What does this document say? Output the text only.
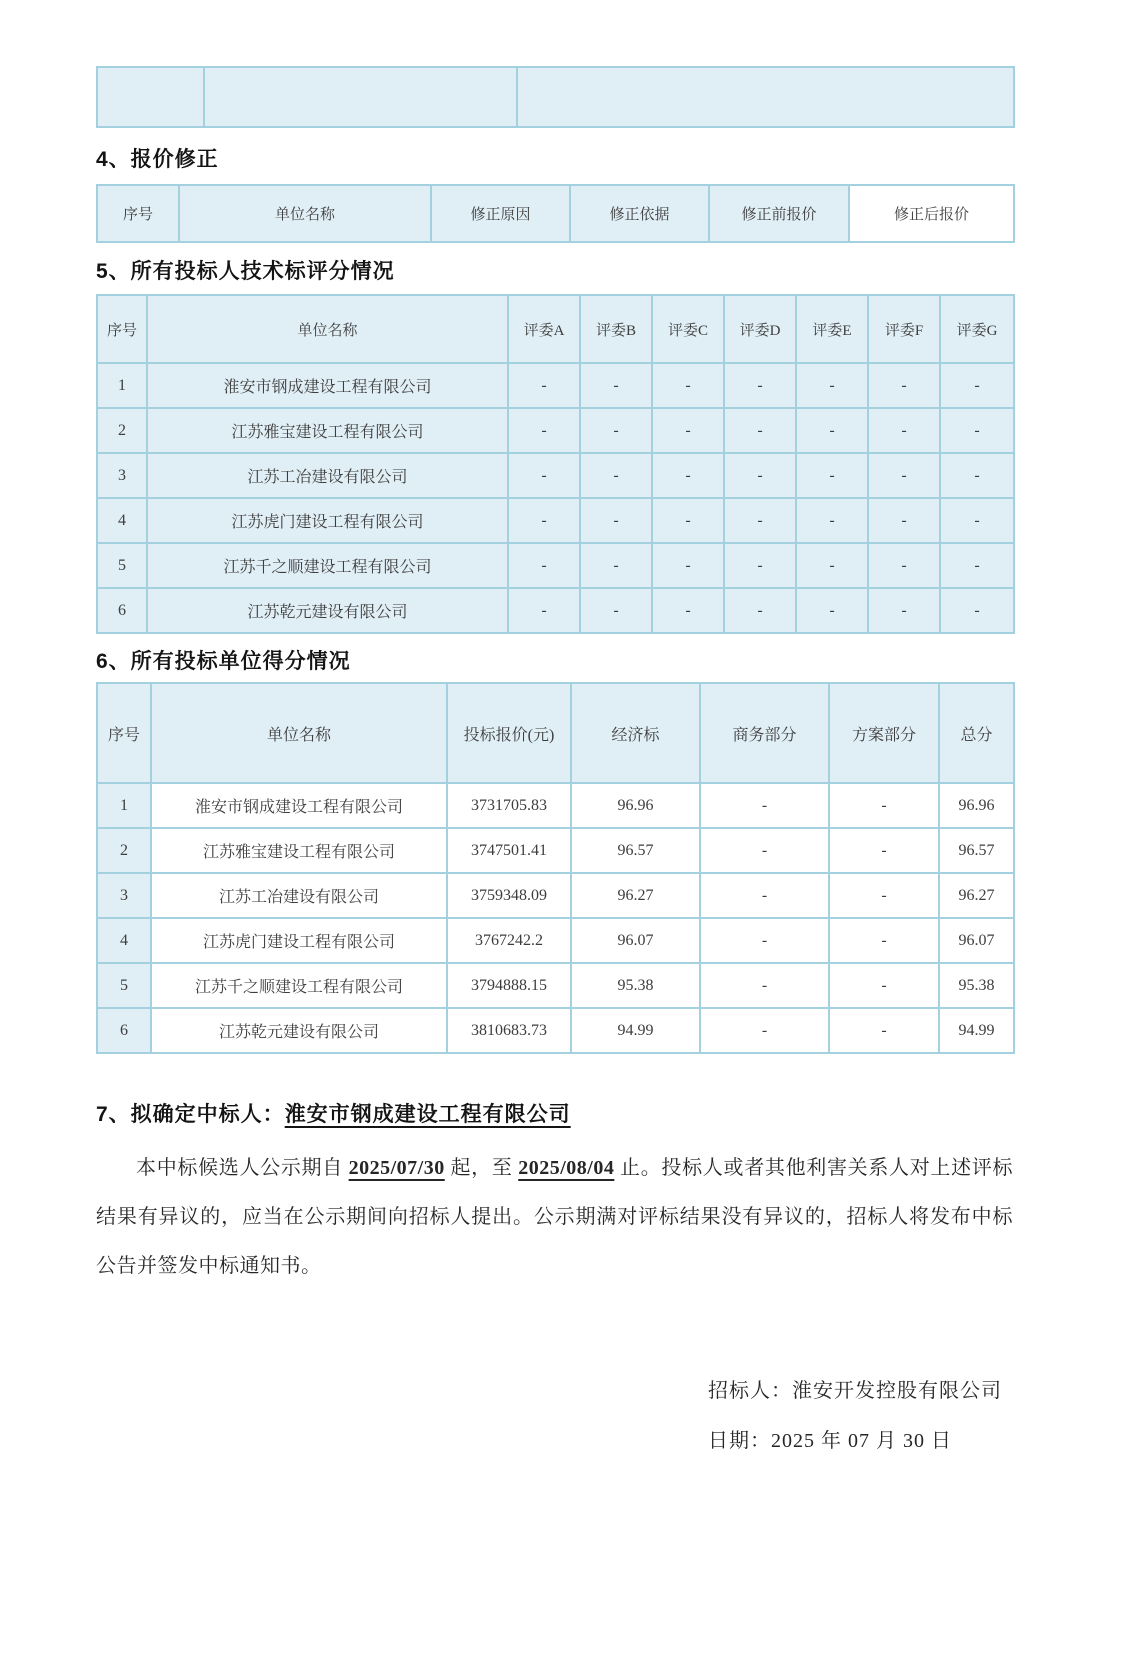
4、报价修正
序号	单位名称	修正原因	修正依据	修正前报价	修正后报价
5、所有投标人技术标评分情况
序号	单位名称	评委A	评委B	评委C	评委D	评委E	评委F	评委G
1	淮安市钢成建设工程有限公司	-	-	-	-	-	-	-
2	江苏雅宝建设工程有限公司	-	-	-	-	-	-	-
3	江苏工冶建设有限公司	-	-	-	-	-	-	-
4	江苏虎门建设工程有限公司	-	-	-	-	-	-	-
5	江苏千之顺建设工程有限公司	-	-	-	-	-	-	-
6	江苏乾元建设有限公司	-	-	-	-	-	-	-
6、所有投标单位得分情况
序号	单位名称	投标报价(元)	经济标	商务部分	方案部分	总分
1	淮安市钢成建设工程有限公司	3731705.83	96.96	-	-	96.96
2	江苏雅宝建设工程有限公司	3747501.41	96.57	-	-	96.57
3	江苏工冶建设有限公司	3759348.09	96.27	-	-	96.27
4	江苏虎门建设工程有限公司	3767242.2	96.07	-	-	96.07
5	江苏千之顺建设工程有限公司	3794888.15	95.38	-	-	95.38
6	江苏乾元建设有限公司	3810683.73	94.99	-	-	94.99
7、拟确定中标人：淮安市钢成建设工程有限公司

本中标候选人公示期自 2025/07/30 起，至 2025/08/04 止。投标人或者其他利害关系人对上述评标结果有异议的，应当在公示期间向招标人提出。公示期满对评标结果没有异议的，招标人将发布中标公告并签发中标通知书。

招标人：淮安开发控股有限公司
日期：2025 年 07 月 30 日
